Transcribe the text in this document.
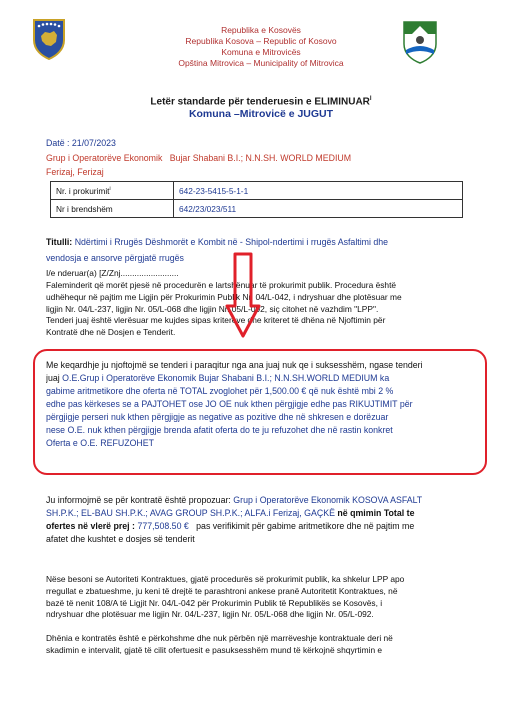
Republika e Kosovës
Republika Kosova – Republic of Kosovo
Komuna e Mitrovicës
Opština Mitrovica – Municipality of Mitrovica
Letër standarde për tenderuesin e $ELIMINUAR^I$
Komuna –Mitrovicë e JUGUT
Datë : 21/07/2023
Grup i Operatorëve Ekonomik Bujar Shabani B.I.; N.N.SH. WORLD MEDIUM
Ferizaj, Ferizaj
Nr. i prokurimit$^i$	642-23-5415-5-1-1
Nr i brendshëm	642/23/023/511
Titulli: Ndërtimi i Rrugës Dëshmorët e Kombit në - Shipol-ndertimi i rrugës Asfaltimi dhe
vendosja e ansorve përgjatë rrugës
I/e nderuar(a) [Z/Znj.........................
Faleminderit që morët pjesë në procedurën e lartshënuar të prokurimit publik. Procedura është
udhëhequr në pajtim me Ligjin për Prokurimin Publik Nr. 04/L-042, i ndryshuar dhe plotësuar me
ligjin Nr. 04/L-237, ligjin Nr. 05/L-068 dhe ligjin Nr. 05/L-092, siç citohet në vazhdim "LPP".
Tenderi juaj është vlerësuar me kujdes sipas kritereve dhe kriteret të dhëna në Njoftimin për
Kontratë dhe në Dosjen e Tenderit.
Me keqardhje ju njoftojmë se tenderi i paraqitur nga ana juaj nuk qe i suksesshëm, ngase tenderi
juaj O.E.Grup i Operatorëve Ekonomik Bujar Shabani B.I.; N.N.SH.WORLD MEDIUM ka
gabime aritmetikore dhe oferta në TOTAL zvoglohet për 1,500.00 € që nuk është mbi 2 %
edhe pas kërkeses se a PAJTOHET ose JO OE nuk kthen përgjigje edhe pas RIKUJTIMIT për
përgjigje perseri nuk kthen përgjigje as negative as pozitive dhe në shkresen e dorëzuar
nese O.E. nuk kthen përgjigje brenda afatit oferta do te ju refuzohet dhe në rastin konkret
Oferta e O.E. REFUZOHET
Ju informojmë se për kontratë është propozuar: Grup i Operatorëve Ekonomik KOSOVA ASFALT
SH.P.K.; EL-BAU SH.P.K.; AVAG GROUP SH.P.K.; ALFA.i Ferizaj, GAÇKË në qmimin Total te
ofertes në vlerë prej : 777,508.50 € pas verifikimit për gabime aritmetikore dhe në pajtim me
afatet dhe kushtet e dosjes së tenderit
Nëse besoni se Autoriteti Kontraktues, gjatë procedurës së prokurimit publik, ka shkelur LPP apo
rregullat e zbatueshme, ju keni të drejtë te parashtroni ankese pranë Autoritetit Kontraktues, në
bazë të nenit 108/A të Ligjit Nr. 04/L-042 për Prokurimin Publik të Republikës se Kosovës, i
ndryshuar dhe plotësuar me ligjin Nr. 04/L-237, ligjin Nr. 05/L-068 dhe ligjin Nr. 05/L-092.
Dhënia e kontratës është e përkohshme dhe nuk përbën një marrëveshje kontraktuale deri në
skadimin e intervalit, gjatë të cilit ofertuesit e pasuksesshëm mund të kërkojnë shqyrtimin e
